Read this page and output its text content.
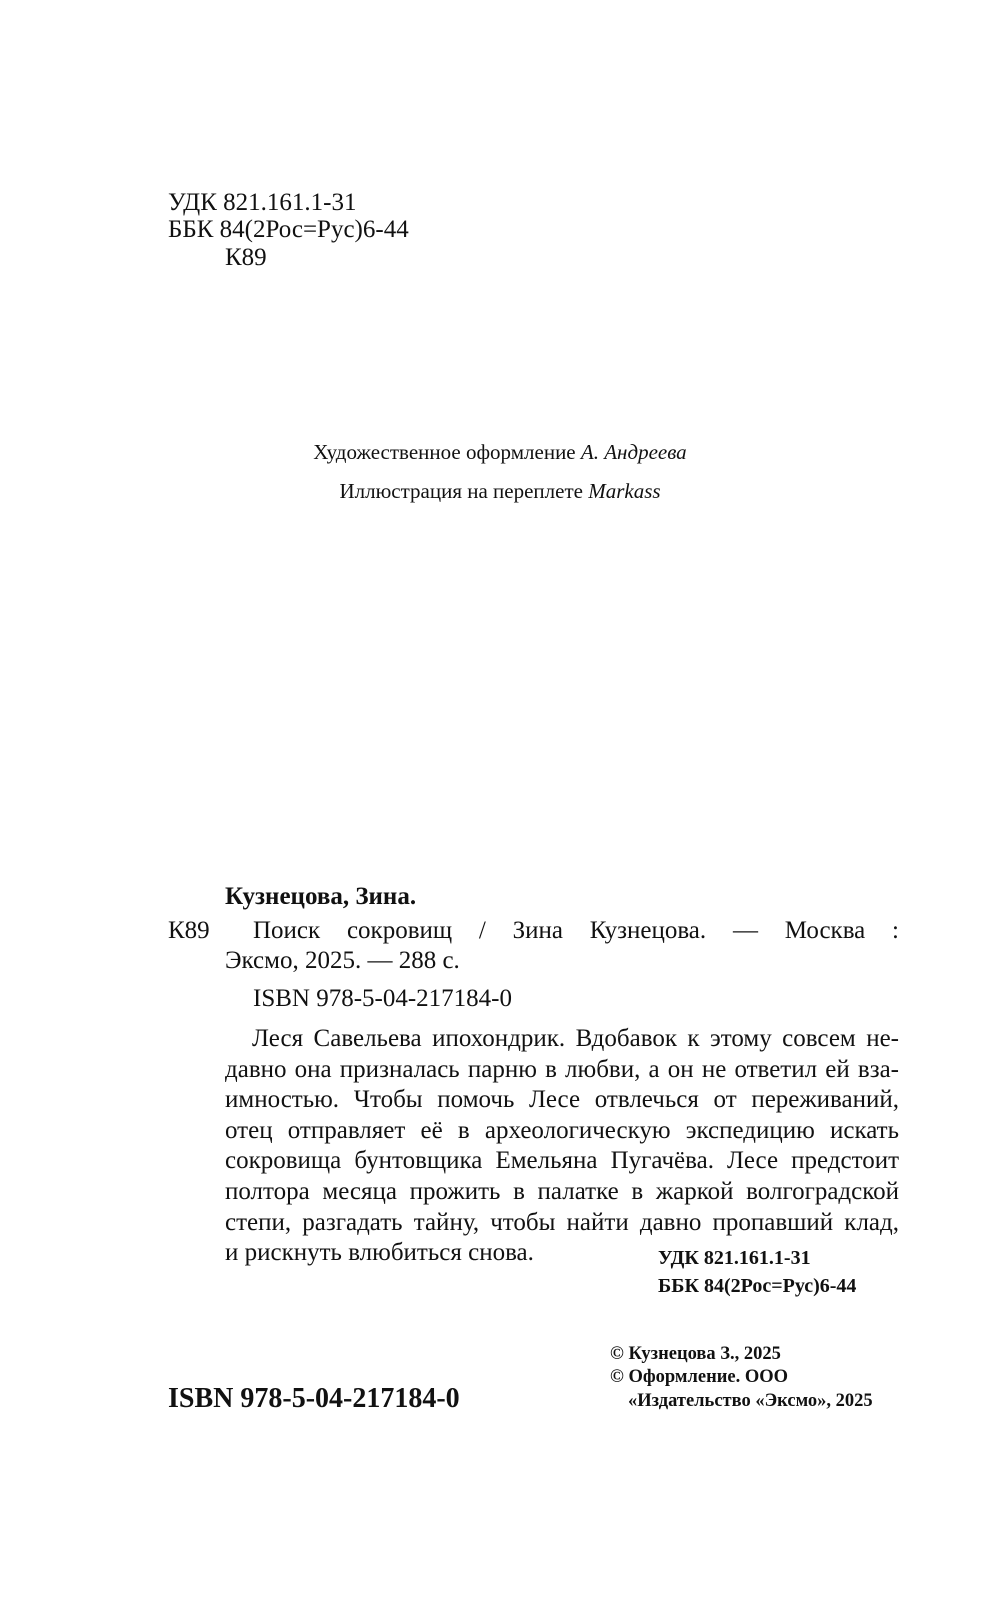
УДК 821.161.1-31
ББК 84(2Рос=Рус)6-44
К89
Художественное оформление А. Андреева
Иллюстрация на переплете Markass
Кузнецова, Зина.
К89 Поиск сокровищ / Зина Кузнецова. — Москва :
Эксмо, 2025. — 288 с.
ISBN 978-5-04-217184-0
Леся Савельева ипохондрик. Вдобавок к этому совсем не-
давно она призналась парню в любви, а он не ответил ей вза-
имностью. Чтобы помочь Лесе отвлечься от переживаний,
отец отправляет её в археологическую экспедицию искать
сокровища бунтовщика Емельяна Пугачёва. Лесе предстоит
полтора месяца прожить в палатке в жаркой волгоградской
степи, разгадать тайну, чтобы найти давно пропавший клад,
и рискнуть влюбиться снова.	УДК 821.161.1-31
ББК 84(2Рос=Рус)6-44
ISBN 978-5-04-217184-0
© Кузнецова З., 2025
© Оформление. ООО
«Издательство «Эксмо», 2025
